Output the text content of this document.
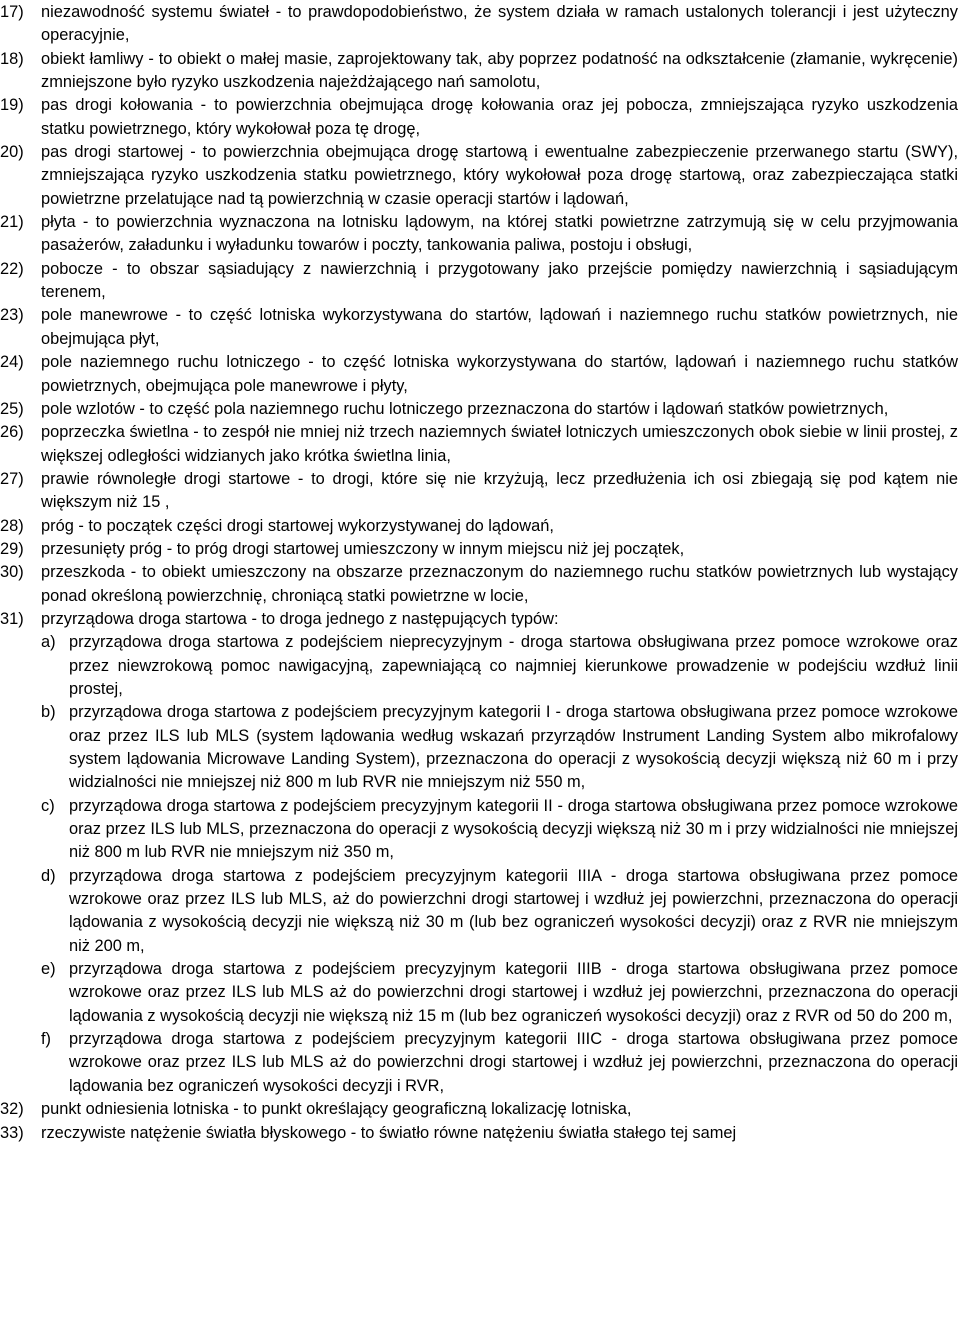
17)	niezawodność systemu świateł - to prawdopodobieństwo, że system działa w ramach ustalonych tolerancji i jest użyteczny operacyjnie,
18)	obiekt łamliwy - to obiekt o małej masie, zaprojektowany tak, aby poprzez podatność na odkształcenie (złamanie, wykręcenie) zmniejszone było ryzyko uszkodzenia najeżdżającego nań samolotu,
19)	pas drogi kołowania - to powierzchnia obejmująca drogę kołowania oraz jej pobocza, zmniejszająca ryzyko uszkodzenia statku powietrznego, który wykołował poza tę drogę,
20)	pas drogi startowej - to powierzchnia obejmująca drogę startową i ewentualne zabezpieczenie przerwanego startu (SWY), zmniejszająca ryzyko uszkodzenia statku powietrznego, który wykołował poza drogę startową, oraz zabezpieczająca statki powietrzne przelatujące nad tą powierzchnią w czasie operacji startów i lądowań,
21)	płyta - to powierzchnia wyznaczona na lotnisku lądowym, na której statki powietrzne zatrzymują się w celu przyjmowania pasażerów, załadunku i wyładunku towarów i poczty, tankowania paliwa, postoju i obsługi,
22)	pobocze - to obszar sąsiadujący z nawierzchnią i przygotowany jako przejście pomiędzy nawierzchnią i sąsiadującym terenem,
23)	pole manewrowe - to część lotniska wykorzystywana do startów, lądowań i naziemnego ruchu statków powietrznych, nie obejmująca płyt,
24)	pole naziemnego ruchu lotniczego - to część lotniska wykorzystywana do startów, lądowań i naziemnego ruchu statków powietrznych, obejmująca pole manewrowe i płyty,
25)	pole wzlotów - to część pola naziemnego ruchu lotniczego przeznaczona do startów i lądowań statków powietrznych,
26)	poprzeczka świetlna - to zespół nie mniej niż trzech naziemnych świateł lotniczych umieszczonych obok siebie w linii prostej, z większej odległości widzianych jako krótka świetlna linia,
27)	prawie równoległe drogi startowe - to drogi, które się nie krzyżują, lecz przedłużenia ich osi zbiegają się pod kątem nie większym niż 15 ,
28)	próg - to początek części drogi startowej wykorzystywanej do lądowań,
29)	przesunięty próg - to próg drogi startowej umieszczony w innym miejscu niż jej początek,
30)	przeszkoda - to obiekt umieszczony na obszarze przeznaczonym do naziemnego ruchu statków powietrznych lub wystający ponad określoną powierzchnię, chroniącą statki powietrzne w locie,
31)	przyrządowa droga startowa - to droga jednego z następujących typów:
a) przyrządowa droga startowa z podejściem nieprecyzyjnym - droga startowa obsługiwana przez pomoce wzrokowe oraz przez niewzrokową pomoc nawigacyjną, zapewniającą co najmniej kierunkowe prowadzenie w podejściu wzdłuż linii prostej,
b) przyrządowa droga startowa z podejściem precyzyjnym kategorii I - droga startowa obsługiwana przez pomoce wzrokowe oraz przez ILS lub MLS (system lądowania według wskazań przyrządów Instrument Landing System albo mikrofalowy system lądowania Microwave Landing System), przeznaczona do operacji z wysokością decyzji większą niż 60 m i przy widzialności nie mniejszej niż 800 m lub RVR nie mniejszym niż 550 m,
c) przyrządowa droga startowa z podejściem precyzyjnym kategorii II - droga startowa obsługiwana przez pomoce wzrokowe oraz przez ILS lub MLS, przeznaczona do operacji z wysokością decyzji większą niż 30 m i przy widzialności nie mniejszej niż 800 m lub RVR nie mniejszym niż 350 m,
d) przyrządowa droga startowa z podejściem precyzyjnym kategorii IIIA - droga startowa obsługiwana przez pomoce wzrokowe oraz przez ILS lub MLS, aż do powierzchni drogi startowej i wzdłuż jej powierzchni, przeznaczona do operacji lądowania z wysokością decyzji nie większą niż 30 m (lub bez ograniczeń wysokości decyzji) oraz z RVR nie mniejszym niż 200 m,
e) przyrządowa droga startowa z podejściem precyzyjnym kategorii IIIB - droga startowa obsługiwana przez pomoce wzrokowe oraz przez ILS lub MLS aż do powierzchni drogi startowej i wzdłuż jej powierzchni, przeznaczona do operacji lądowania z wysokością decyzji nie większą niż 15 m (lub bez ograniczeń wysokości decyzji) oraz z RVR od 50 do 200 m,
f) przyrządowa droga startowa z podejściem precyzyjnym kategorii IIIC - droga startowa obsługiwana przez pomoce wzrokowe oraz przez ILS lub MLS aż do powierzchni drogi startowej i wzdłuż jej powierzchni, przeznaczona do operacji lądowania bez ograniczeń wysokości decyzji i RVR,
32)	punkt odniesienia lotniska - to punkt określający geograficzną lokalizację lotniska,
33)	rzeczywiste natężenie światła błyskowego - to światło równe natężeniu światła stałego tej samej
